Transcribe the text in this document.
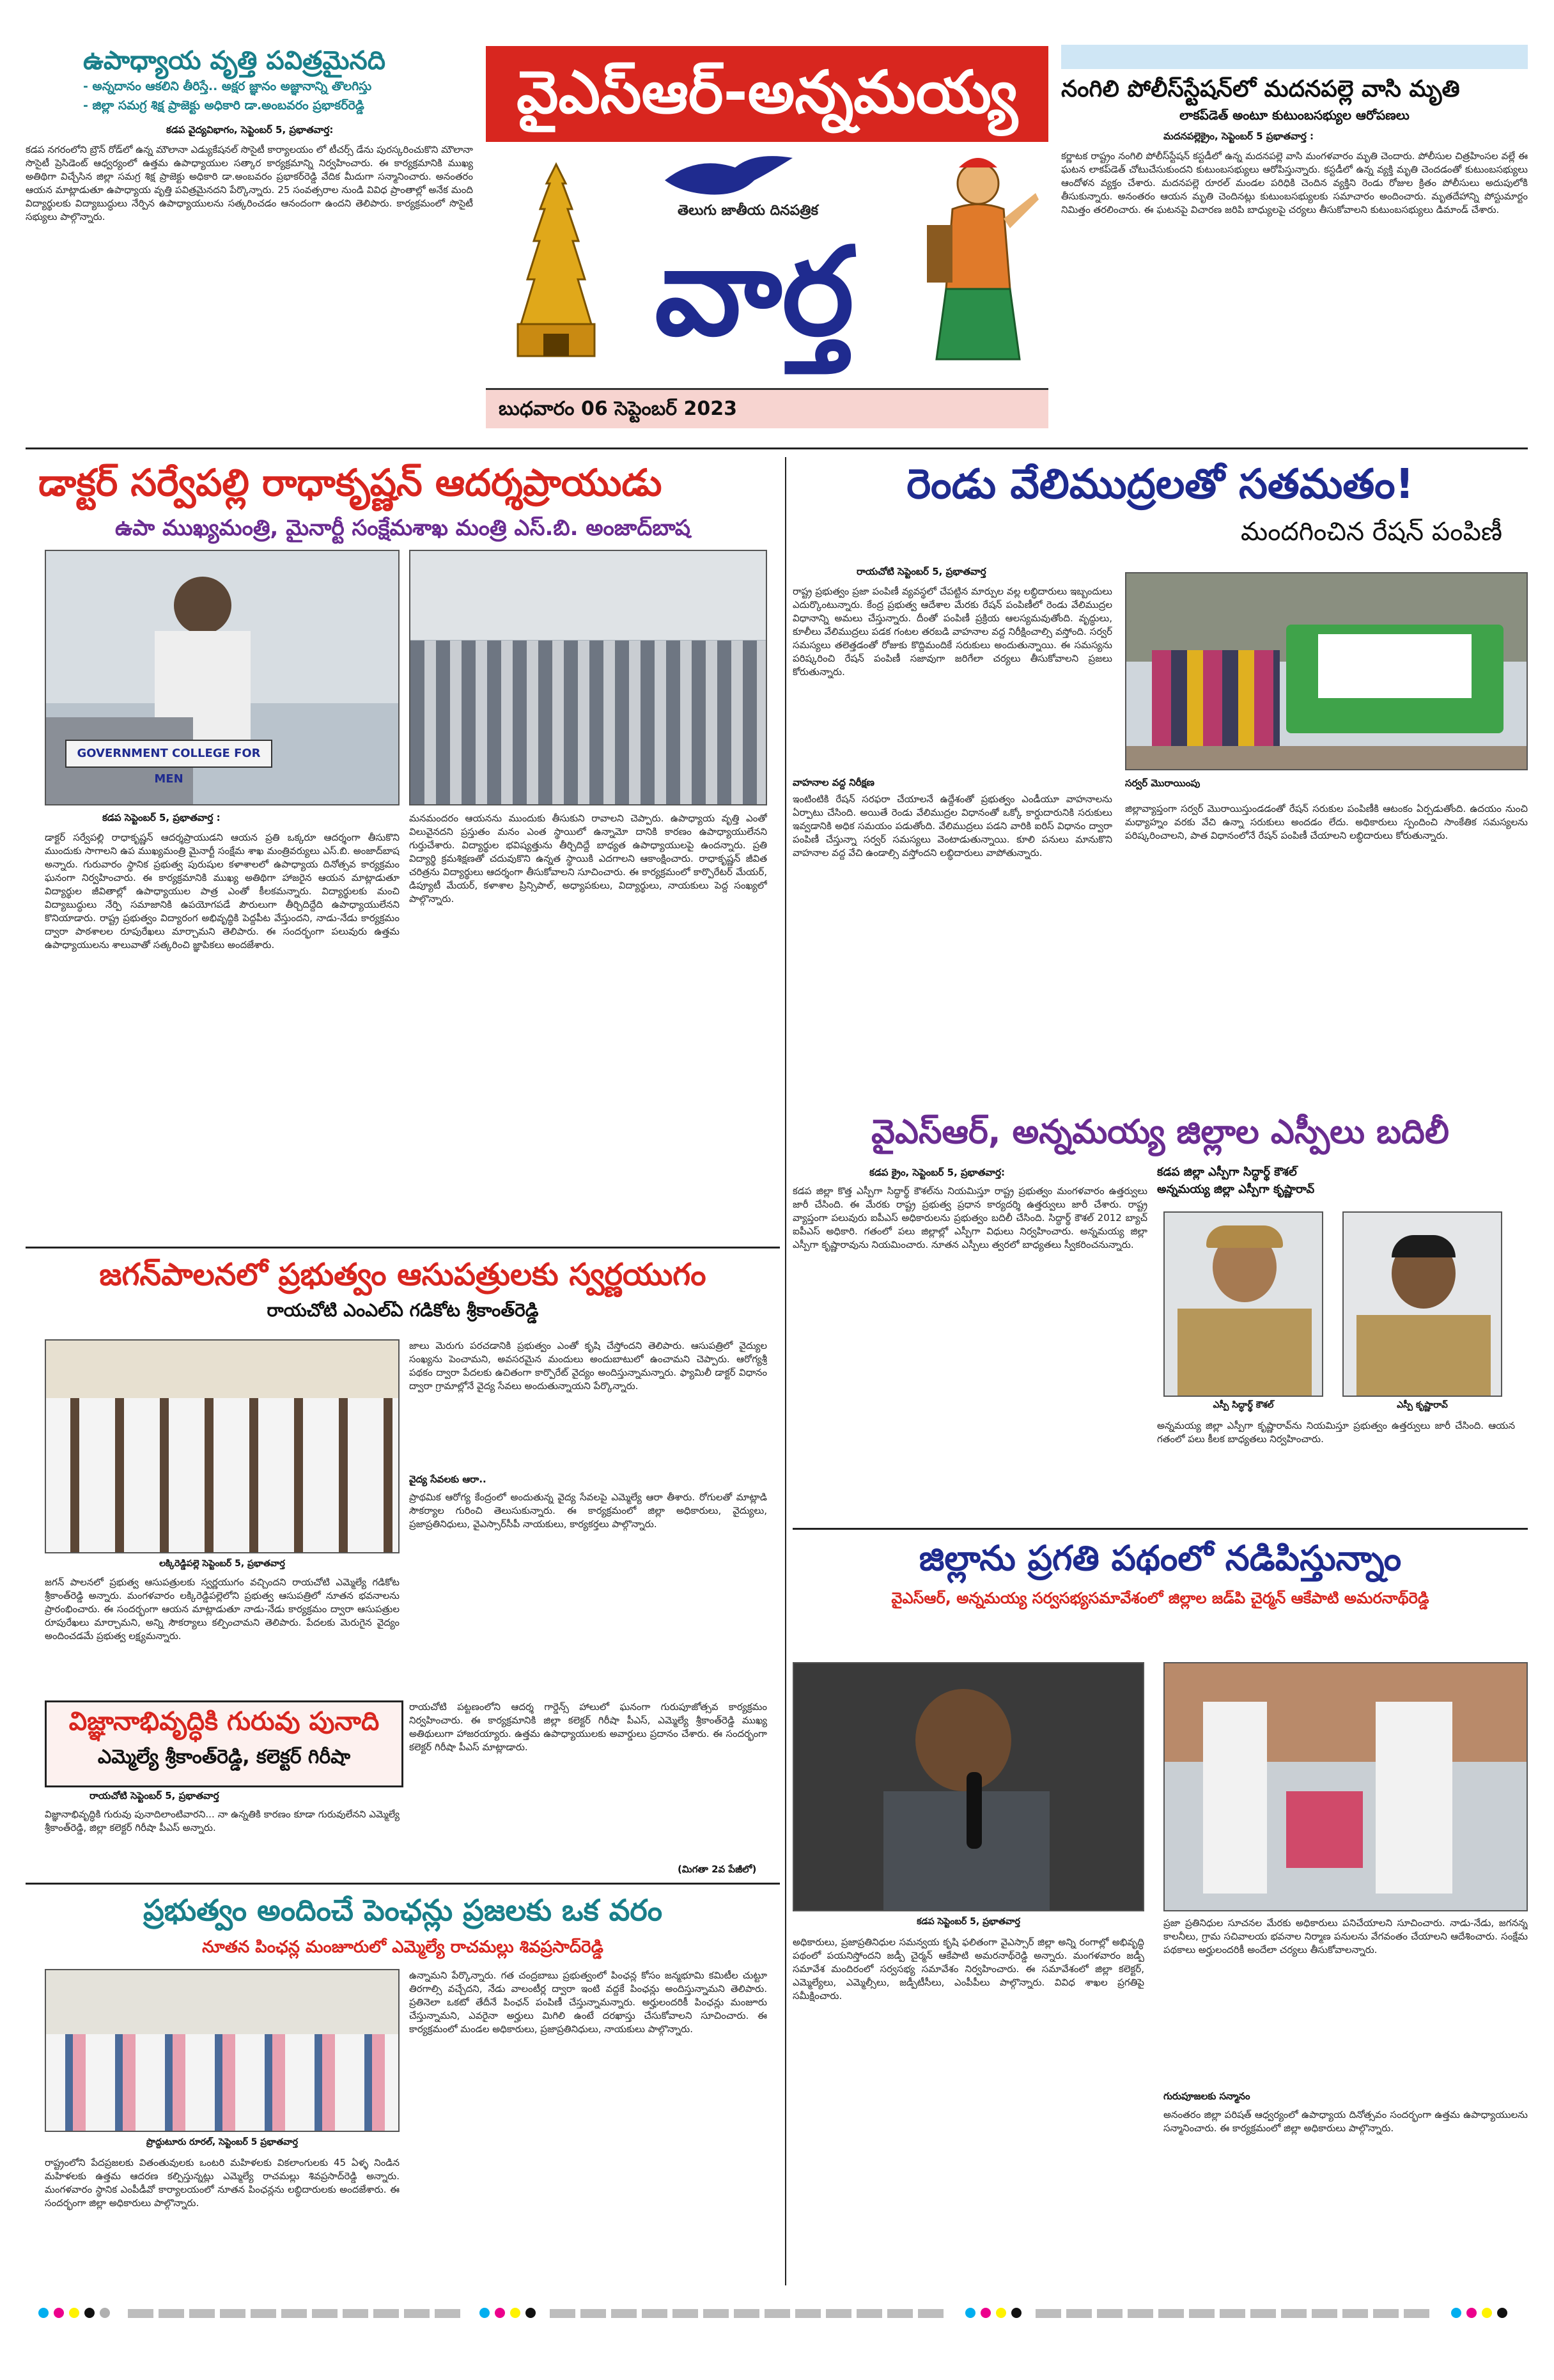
ఉపాధ్యాయ వృత్తి పవిత్రమైనది
- అన్నదానం ఆకలిని తీరిస్తే.. అక్షర జ్ఞానం అజ్ఞానాన్ని తొలగిస్తు
- జిల్లా సమగ్ర శిక్ష ప్రాజెక్టు అధికారి డా.అంబవరం ప్రభాకర్‌రెడ్డి
కడప వైద్యవిభాగం, సెప్టెంబర్ 5, ప్రభాతవార్త:
కడప నగరంలోని బ్రౌన్ రోడ్‌లో ఉన్న మౌలానా ఎడ్యుకేషనల్ సొసైటీ కార్యాలయం లో టీచర్స్ డేను పురస్కరించుకొని మౌలానా సొసైటీ ప్రెసిడెంట్ ఆధ్వర్యంలో ఉత్తమ ఉపాధ్యాయుల సత్కార కార్యక్రమాన్ని నిర్వహించారు. ఈ కార్యక్రమానికి ముఖ్య అతిథిగా విచ్చేసిన జిల్లా సమగ్ర శిక్ష ప్రాజెక్టు అధికారి డా.అంబవరం ప్రభాకర్‌రెడ్డి వేదిక మీదుగా సన్మానించారు. అనంతరం ఆయన మాట్లాడుతూ ఉపాధ్యాయ వృత్తి పవిత్రమైనదని పేర్కొన్నారు. 25 సంవత్సరాల నుండి వివిధ ప్రాంతాల్లో అనేక మంది విద్యార్థులకు విద్యాబుద్ధులు నేర్పిన ఉపాధ్యాయులను సత్కరించడం ఆనందంగా ఉందని తెలిపారు. కార్యక్రమంలో సొసైటీ సభ్యులు పాల్గొన్నారు.
వైఎస్ఆర్-అన్నమయ్య
తెలుగు జాతీయ దినపత్రిక
వార్త
బుధవారం 06 సెప్టెంబర్ 2023
నంగిలి పోలీస్‌స్టేషన్‌లో మదనపల్లె వాసి మృతి
లాకప్‌డెత్ అంటూ కుటుంబసభ్యుల ఆరోపణలు
మదనపల్లెక్రైం, సెప్టెంబర్ 5 ప్రభాతవార్త :
కర్ణాటక రాష్ట్రం నంగిలి పోలీస్‌స్టేషన్ కస్టడీలో ఉన్న మదనపల్లె వాసి మంగళవారం మృతి చెందారు. పోలీసుల చిత్రహింసల వల్లే ఈ ఘటన లాకప్‌డెత్ చోటుచేసుకుందని కుటుంబసభ్యులు ఆరోపిస్తున్నారు. కస్టడీలో ఉన్న వ్యక్తి మృతి చెందడంతో కుటుంబసభ్యులు ఆందోళన వ్యక్తం చేశారు. మదనపల్లె రూరల్ మండల పరిధికి చెందిన వ్యక్తిని రెండు రోజుల క్రితం పోలీసులు అదుపులోకి తీసుకున్నారు. అనంతరం ఆయన మృతి చెందినట్లు కుటుంబసభ్యులకు సమాచారం అందించారు. మృతదేహాన్ని పోస్టుమార్టం నిమిత్తం తరలించారు. ఈ ఘటనపై విచారణ జరిపి బాధ్యులపై చర్యలు తీసుకోవాలని కుటుంబసభ్యులు డిమాండ్ చేశారు.
డాక్టర్ సర్వేపల్లి రాధాకృష్ణన్ ఆదర్శప్రాయుడు
ఉపా ముఖ్యమంత్రి, మైనార్టీ సంక్షేమశాఖ మంత్రి ఎస్.బి. అంజాద్‌బాష
GOVERNMENT COLLEGE FOR MEN
కడప సెప్టెంబర్ 5, ప్రభాతవార్త :
డాక్టర్ సర్వేపల్లి రాధాకృష్ణన్ ఆదర్శప్రాయుడని ఆయన ప్రతి ఒక్కరూ ఆదర్శంగా తీసుకొని ముందుకు సాగాలని ఉప ముఖ్యమంత్రి మైనార్టీ సంక్షేమ శాఖ మంత్రివర్యులు ఎస్.బి. అంజాద్‌బాష అన్నారు. గురువారం స్థానిక ప్రభుత్వ పురుషుల కళాశాలలో ఉపాధ్యాయ దినోత్సవ కార్యక్రమం ఘనంగా నిర్వహించారు. ఈ కార్యక్రమానికి ముఖ్య అతిథిగా హాజరైన ఆయన మాట్లాడుతూ విద్యార్థుల జీవితాల్లో ఉపాధ్యాయుల పాత్ర ఎంతో కీలకమన్నారు. విద్యార్థులకు మంచి విద్యాబుద్ధులు నేర్పి సమాజానికి ఉపయోగపడే పౌరులుగా తీర్చిదిద్దేది ఉపాధ్యాయులేనని కొనియాడారు. రాష్ట్ర ప్రభుత్వం విద్యారంగ అభివృద్ధికి పెద్దపీట వేస్తుందని, నాడు-నేడు కార్యక్రమం ద్వారా పాఠశాలల రూపురేఖలు మార్చామని తెలిపారు. ఈ సందర్భంగా పలువురు ఉత్తమ ఉపాధ్యాయులను శాలువాతో సత్కరించి జ్ఞాపికలు అందజేశారు.
మనమందరం ఆయనను ముందుకు తీసుకుని రావాలని చెప్పారు. ఉపాధ్యాయ వృత్తి ఎంతో విలువైనదని ప్రస్తుతం మనం ఎంత స్థాయిలో ఉన్నామో దానికి కారణం ఉపాధ్యాయులేనని గుర్తుచేశారు. విద్యార్థుల భవిష్యత్తును తీర్చిదిద్దే బాధ్యత ఉపాధ్యాయులపై ఉందన్నారు. ప్రతి విద్యార్థి క్రమశిక్షణతో చదువుకొని ఉన్నత స్థాయికి ఎదగాలని ఆకాంక్షించారు. రాధాకృష్ణన్ జీవిత చరిత్రను విద్యార్థులు ఆదర్శంగా తీసుకోవాలని సూచించారు. ఈ కార్యక్రమంలో కార్పొరేటర్ మేయర్, డిప్యూటీ మేయర్, కళాశాల ప్రిన్సిపాల్, అధ్యాపకులు, విద్యార్థులు, నాయకులు పెద్ద సంఖ్యలో పాల్గొన్నారు.
రెండు వేలిముద్రలతో సతమతం!
మందగించిన రేషన్ పంపిణీ
రాయచోటి సెప్టెంబర్ 5, ప్రభాతవార్త
రాష్ట్ర ప్రభుత్వం ప్రజా పంపిణీ వ్యవస్థలో చేపట్టిన మార్పుల వల్ల లబ్ధిదారులు ఇబ్బందులు ఎదుర్కొంటున్నారు. కేంద్ర ప్రభుత్వ ఆదేశాల మేరకు రేషన్ పంపిణీలో రెండు వేలిముద్రల విధానాన్ని అమలు చేస్తున్నారు. దీంతో పంపిణీ ప్రక్రియ ఆలస్యమవుతోంది. వృద్ధులు, కూలీలు వేలిముద్రలు పడక గంటల తరబడి వాహనాల వద్ద నిరీక్షించాల్సి వస్తోంది. సర్వర్ సమస్యలు తలెత్తడంతో రోజుకు కొద్దిమందికే సరుకులు అందుతున్నాయి. ఈ సమస్యను పరిష్కరించి రేషన్ పంపిణీ సజావుగా జరిగేలా చర్యలు తీసుకోవాలని ప్రజలు కోరుతున్నారు.
వాహనాల వద్ద నిరీక్షణ
ఇంటింటికి రేషన్ సరఫరా చేయాలనే ఉద్దేశంతో ప్రభుత్వం ఎండీయూ వాహనాలను ఏర్పాటు చేసింది. అయితే రెండు వేలిముద్రల విధానంతో ఒక్కో కార్డుదారునికి సరుకులు ఇవ్వడానికి అధిక సమయం పడుతోంది. వేలిముద్రలు పడని వారికి ఐరిస్ విధానం ద్వారా పంపిణీ చేస్తున్నా సర్వర్ సమస్యలు వెంటాడుతున్నాయి. కూలి పనులు మానుకొని వాహనాల వద్ద వేచి ఉండాల్సి వస్తోందని లబ్ధిదారులు వాపోతున్నారు.
సర్వర్ మొరాయింపు
జిల్లావ్యాప్తంగా సర్వర్ మొరాయిస్తుండడంతో రేషన్ సరుకుల పంపిణీకి ఆటంకం ఏర్పడుతోంది. ఉదయం నుంచి మధ్యాహ్నం వరకు వేచి ఉన్నా సరుకులు అందడం లేదు. అధికారులు స్పందించి సాంకేతిక సమస్యలను పరిష్కరించాలని, పాత విధానంలోనే రేషన్ పంపిణీ చేయాలని లబ్ధిదారులు కోరుతున్నారు.
వైఎస్ఆర్, అన్నమయ్య జిల్లాల ఎస్పీలు బదిలీ
కడప క్రైం, సెప్టెంబర్ 5, ప్రభాతవార్త:
కడప జిల్లా కొత్త ఎస్పీగా సిద్ధార్థ్ కౌశల్‌ను నియమిస్తూ రాష్ట్ర ప్రభుత్వం మంగళవారం ఉత్తర్వులు జారీ చేసింది. ఈ మేరకు రాష్ట్ర ప్రభుత్వ ప్రధాన కార్యదర్శి ఉత్తర్వులు జారీ చేశారు. రాష్ట్ర వ్యాప్తంగా పలువురు ఐపీఎస్ అధికారులను ప్రభుత్వం బదిలీ చేసింది. సిద్ధార్థ్ కౌశల్ 2012 బ్యాచ్ ఐపీఎస్ అధికారి. గతంలో పలు జిల్లాల్లో ఎస్పీగా విధులు నిర్వహించారు. అన్నమయ్య జిల్లా ఎస్పీగా కృష్ణారావును నియమించారు. నూతన ఎస్పీలు త్వరలో బాధ్యతలు స్వీకరించనున్నారు.
కడప జిల్లా ఎస్పీగా సిద్ధార్థ్ కౌశల్
అన్నమయ్య జిల్లా ఎస్పీగా కృష్ణారావ్
ఎస్పీ సిద్ధార్థ్ కౌశల్	ఎస్పీ కృష్ణారావ్
అన్నమయ్య జిల్లా ఎస్పీగా కృష్ణారావ్‌ను నియమిస్తూ ప్రభుత్వం ఉత్తర్వులు జారీ చేసింది. ఆయన గతంలో పలు కీలక బాధ్యతలు నిర్వహించారు.
జగన్‌పాలనలో ప్రభుత్వం ఆసుపత్రులకు స్వర్ణయుగం
రాయచోటి ఎంఎల్ఏ గడికోట శ్రీకాంత్‌రెడ్డి
లక్కిరెడ్డిపల్లె సెప్టెంబర్ 5, ప్రభాతవార్త
జగన్ పాలనలో ప్రభుత్వ ఆసుపత్రులకు స్వర్ణయుగం వచ్చిందని రాయచోటి ఎమ్మెల్యే గడికోట శ్రీకాంత్‌రెడ్డి అన్నారు. మంగళవారం లక్కిరెడ్డిపల్లెలోని ప్రభుత్వ ఆసుపత్రిలో నూతన భవనాలను ప్రారంభించారు. ఈ సందర్భంగా ఆయన మాట్లాడుతూ నాడు-నేడు కార్యక్రమం ద్వారా ఆసుపత్రుల రూపురేఖలు మార్చామని, అన్ని సౌకర్యాలు కల్పించామని తెలిపారు. పేదలకు మెరుగైన వైద్యం అందించడమే ప్రభుత్వ లక్ష్యమన్నారు.
జాలు మెరుగు పరచడానికి ప్రభుత్వం ఎంతో కృషి చేస్తోందని తెలిపారు. ఆసుపత్రిలో వైద్యుల సంఖ్యను పెంచామని, అవసరమైన మందులు అందుబాటులో ఉంచామని చెప్పారు. ఆరోగ్యశ్రీ పథకం ద్వారా పేదలకు ఉచితంగా కార్పొరేట్ వైద్యం అందిస్తున్నామన్నారు. ఫ్యామిలీ డాక్టర్ విధానం ద్వారా గ్రామాల్లోనే వైద్య సేవలు అందుతున్నాయని పేర్కొన్నారు.
వైద్య సేవలకు ఆరా..
ప్రాథమిక ఆరోగ్య కేంద్రంలో అందుతున్న వైద్య సేవలపై ఎమ్మెల్యే ఆరా తీశారు. రోగులతో మాట్లాడి సౌకర్యాల గురించి తెలుసుకున్నారు. ఈ కార్యక్రమంలో జిల్లా అధికారులు, వైద్యులు, ప్రజాప్రతినిధులు, వైఎస్సార్‌సీపీ నాయకులు, కార్యకర్తలు పాల్గొన్నారు.
విజ్ఞానాభివృద్ధికి గురువు పునాది
ఎమ్మెల్యే శ్రీకాంత్‌రెడ్డి, కలెక్టర్ గిరీషా
రాయచోటి సెప్టెంబర్ 5, ప్రభాతవార్త
విజ్ఞానాభివృద్ధికి గురువు పునాదిలాంటివారని... నా ఉన్నతికి కారణం కూడా గురువులేనని ఎమ్మెల్యే శ్రీకాంత్‌రెడ్డి, జిల్లా కలెక్టర్ గిరీషా పీఎస్ అన్నారు.
రాయచోటి పట్టణంలోని ఆదర్శ గార్డెన్స్ హాలులో ఘనంగా గురుపూజోత్సవ కార్యక్రమం నిర్వహించారు. ఈ కార్యక్రమానికి జిల్లా కలెక్టర్ గిరీషా పీఎస్, ఎమ్మెల్యే శ్రీకాంత్‌రెడ్డి ముఖ్య అతిథులుగా హాజరయ్యారు. ఉత్తమ ఉపాధ్యాయులకు అవార్డులు ప్రదానం చేశారు. ఈ సందర్భంగా కలెక్టర్ గిరీషా పీఎస్ మాట్లాడారు.
(మిగతా 2వ పేజీలో)
ప్రభుత్వం అందించే పెంఛన్లు ప్రజలకు ఒక వరం
నూతన పింఛన్ల మంజూరులో ఎమ్మెల్యే రాచమల్లు శివప్రసాద్‌రెడ్డి
ప్రొద్దుటూరు రూరల్, సెప్టెంబర్ 5 ప్రభాతవార్త
రాష్ట్రంలోని పేదప్రజలకు వితంతువులకు ఒంటరి మహిళలకు వికలాంగులకు 45 ఏళ్ళ నిండిన మహిళలకు ఉత్తమ ఆదరణ కల్పిస్తున్నట్లు ఎమ్మెల్యే రాచమల్లు శివప్రసాద్‌రెడ్డి అన్నారు. మంగళవారం స్థానిక ఎంపీడీవో కార్యాలయంలో నూతన పింఛన్లను లబ్ధిదారులకు అందజేశారు. ఈ సందర్భంగా జిల్లా అధికారులు పాల్గొన్నారు.
ఉన్నామని పేర్కొన్నారు. గత చంద్రబాబు ప్రభుత్వంలో పింఛన్ల కోసం జన్మభూమి కమిటీల చుట్టూ తిరగాల్సి వచ్చేదని, నేడు వాలంటీర్ల ద్వారా ఇంటి వద్దకే పింఛన్లు అందిస్తున్నామని తెలిపారు. ప్రతినెలా ఒకటో తేదీనే పింఛన్ పంపిణీ చేస్తున్నామన్నారు. అర్హులందరికీ పింఛన్లు మంజూరు చేస్తున్నామని, ఎవరైనా అర్హులు మిగిలి ఉంటే దరఖాస్తు చేసుకోవాలని సూచించారు. ఈ కార్యక్రమంలో మండల అధికారులు, ప్రజాప్రతినిధులు, నాయకులు పాల్గొన్నారు.
జిల్లాను ప్రగతి పథంలో నడిపిస్తున్నాం
వైఎస్ఆర్, అన్నమయ్య సర్వసభ్యసమావేశంలో జిల్లాల జడ్‌పి చైర్మన్ ఆకేపాటి అమరనాథ్‌రెడ్డి
కడప సెప్టెంబర్ 5, ప్రభాతవార్త
అధికారులు, ప్రజాప్రతినిధుల సమన్వయ కృషి ఫలితంగా వైఎస్సార్ జిల్లా అన్ని రంగాల్లో అభివృద్ధి పథంలో పయనిస్తోందని జడ్పీ చైర్మన్ ఆకేపాటి అమరనాథ్‌రెడ్డి అన్నారు. మంగళవారం జడ్పీ సమావేశ మందిరంలో సర్వసభ్య సమావేశం నిర్వహించారు. ఈ సమావేశంలో జిల్లా కలెక్టర్, ఎమ్మెల్యేలు, ఎమ్మెల్సీలు, జడ్పీటీసీలు, ఎంపీపీలు పాల్గొన్నారు. వివిధ శాఖల ప్రగతిపై సమీక్షించారు.
ప్రజా ప్రతినిధుల సూచనల మేరకు అధికారులు పనిచేయాలని సూచించారు. నాడు-నేడు, జగనన్న కాలనీలు, గ్రామ సచివాలయ భవనాల నిర్మాణ పనులను వేగవంతం చేయాలని ఆదేశించారు. సంక్షేమ పథకాలు అర్హులందరికీ అందేలా చర్యలు తీసుకోవాలన్నారు.
గురుపూజలకు సన్మానం
అనంతరం జిల్లా పరిషత్ ఆధ్వర్యంలో ఉపాధ్యాయ దినోత్సవం సందర్భంగా ఉత్తమ ఉపాధ్యాయులను సన్మానించారు. ఈ కార్యక్రమంలో జిల్లా అధికారులు పాల్గొన్నారు.
